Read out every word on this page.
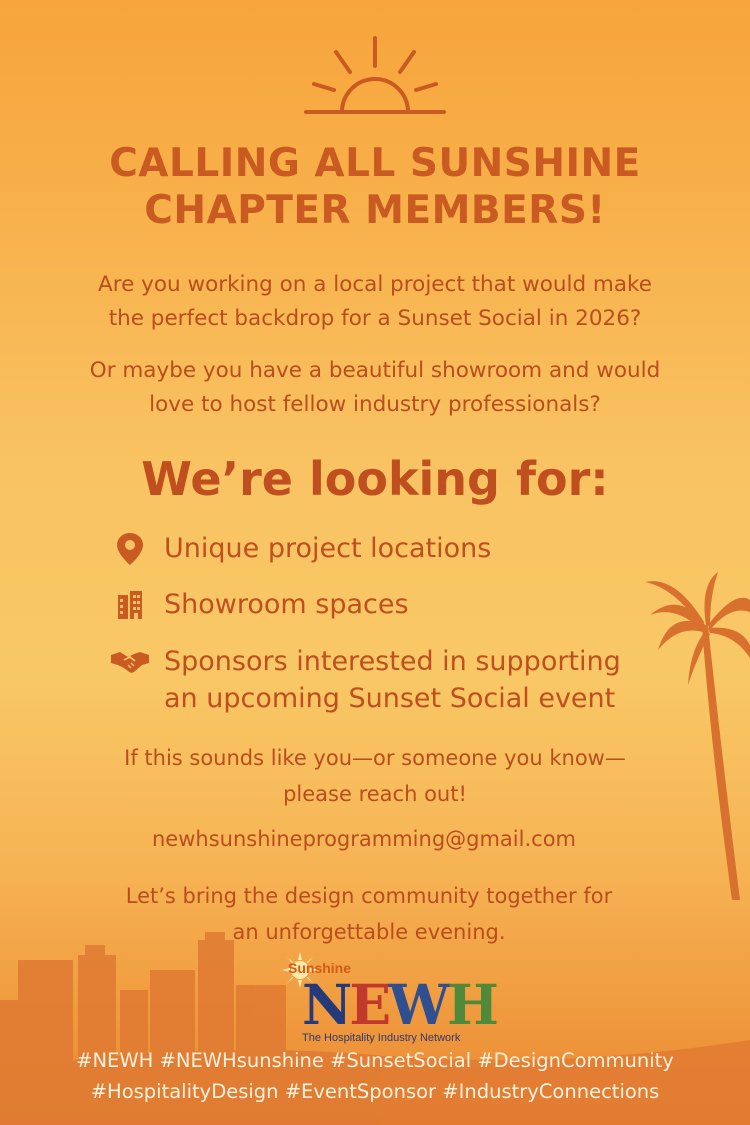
CALLING ALL SUNSHINE
CHAPTER MEMBERS!
Are you working on a local project that would make
the perfect backdrop for a Sunset Social in 2026?
Or maybe you have a beautiful showroom and would
love to host fellow industry professionals?
We’re looking for:
Unique project locations
Showroom spaces
Sponsors interested in supporting
an upcoming Sunset Social event
If this sounds like you—or someone you know—
please reach out!
newhsunshineprogramming@gmail.com
Let’s bring the design community together for
an unforgettable evening.
Sunshine
NEWH
The Hospitality Industry Network
#NEWH #NEWHsunshine #SunsetSocial #DesignCommunity
#HospitalityDesign #EventSponsor #IndustryConnections
